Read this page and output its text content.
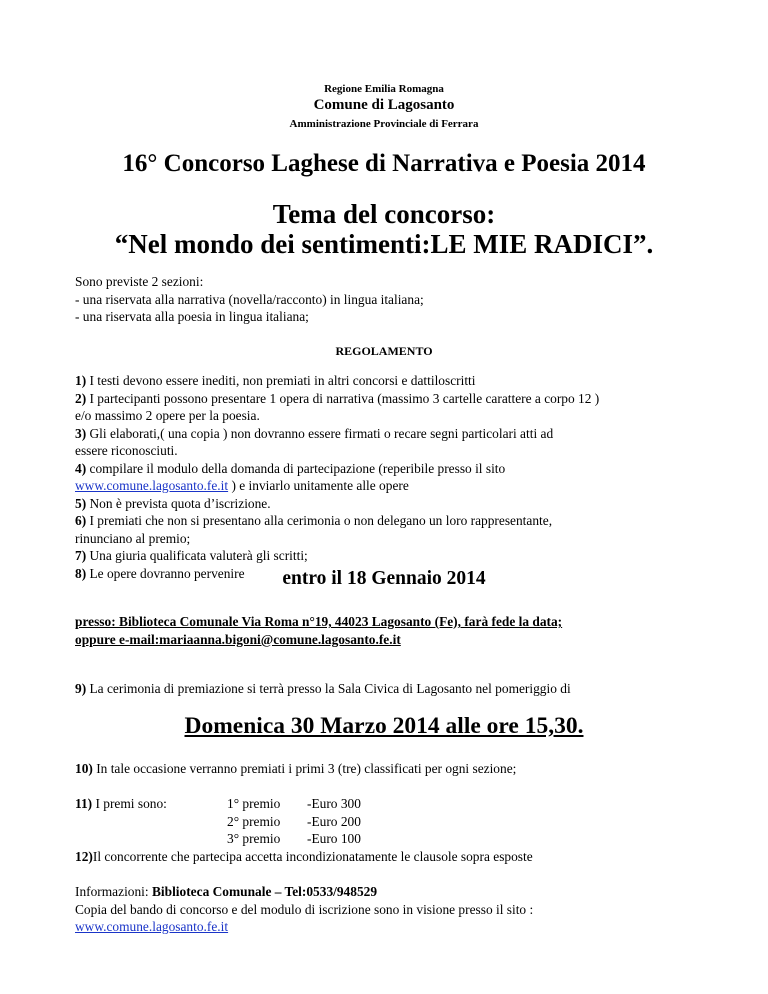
Regione Emilia Romagna
Comune di Lagosanto
Amministrazione Provinciale di Ferrara
16° Concorso Laghese di Narrativa e Poesia 2014
Tema del concorso:
“Nel mondo dei sentimenti:LE MIE RADICI”.
Sono previste 2 sezioni:
- una riservata alla narrativa (novella/racconto) in lingua italiana;
- una riservata alla poesia in lingua italiana;
REGOLAMENTO
1) I testi devono essere inediti, non premiati in altri concorsi e dattiloscritti
2) I partecipanti possono presentare 1 opera di narrativa (massimo 3 cartelle carattere a corpo 12 )
e/o massimo 2 opere per la poesia.
3) Gli elaborati,( una copia ) non dovranno essere firmati o recare segni particolari atti ad
essere riconosciuti.
4) compilare il modulo della domanda di partecipazione (reperibile presso il sito
www.comune.lagosanto.fe.it ) e inviarlo unitamente alle opere
5) Non è prevista quota d’iscrizione.
6) I premiati che non si presentano alla cerimonia o non delegano un loro rappresentante,
rinunciano al premio;
7) Una giuria qualificata valuterà gli scritti;
8) Le opere dovranno pervenire	entro il 18 Gennaio 2014
presso: Biblioteca Comunale Via Roma n°19, 44023 Lagosanto (Fe), farà fede la data;
oppure e-mail:mariaanna.bigoni@comune.lagosanto.fe.it
9) La cerimonia di premiazione si terrà presso la Sala Civica di Lagosanto nel pomeriggio di
Domenica 30 Marzo 2014 alle ore 15,30.
10) In tale occasione verranno premiati i primi 3 (tre) classificati per ogni sezione;
11) I premi sono:	1° premio	-Euro 300
2° premio	-Euro 200
3° premio	-Euro 100
12)Il concorrente che partecipa accetta incondizionatamente le clausole sopra esposte
Informazioni: Biblioteca Comunale – Tel:0533/948529
Copia del bando di concorso e del modulo di iscrizione sono in visione presso il sito :
www.comune.lagosanto.fe.it
